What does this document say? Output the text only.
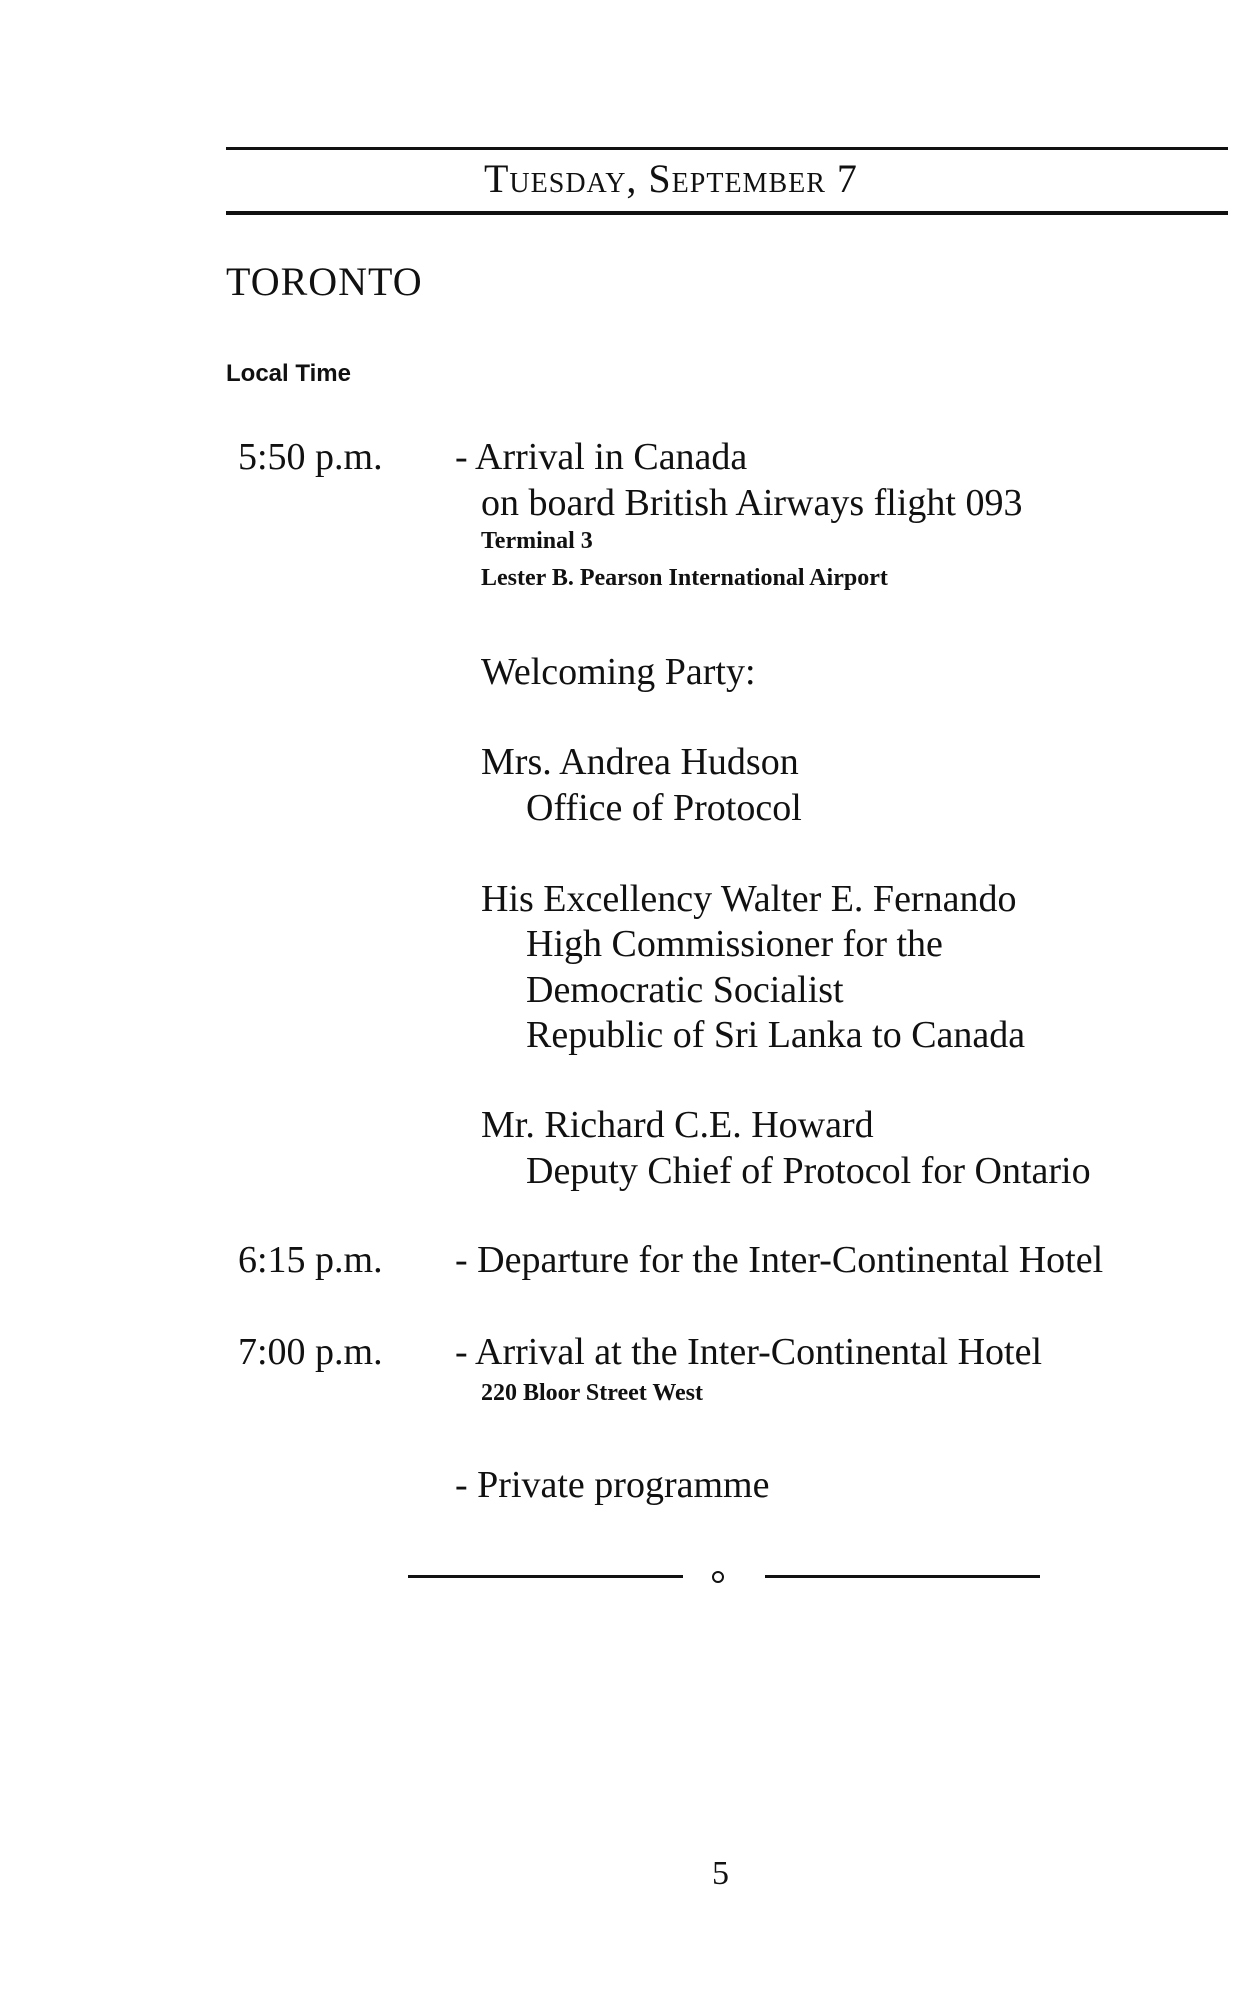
Tuesday, September 7
TORONTO
Local Time
5:50 p.m. - Arrival in Canada
on board British Airways flight 093
Terminal 3
Lester B. Pearson International Airport
Welcoming Party:
Mrs. Andrea Hudson
Office of Protocol
His Excellency Walter E. Fernando
High Commissioner for the
Democratic Socialist
Republic of Sri Lanka to Canada
Mr. Richard C.E. Howard
Deputy Chief of Protocol for Ontario
6:15 p.m. - Departure for the Inter-Continental Hotel
7:00 p.m. - Arrival at the Inter-Continental Hotel
220 Bloor Street West
- Private programme
5
